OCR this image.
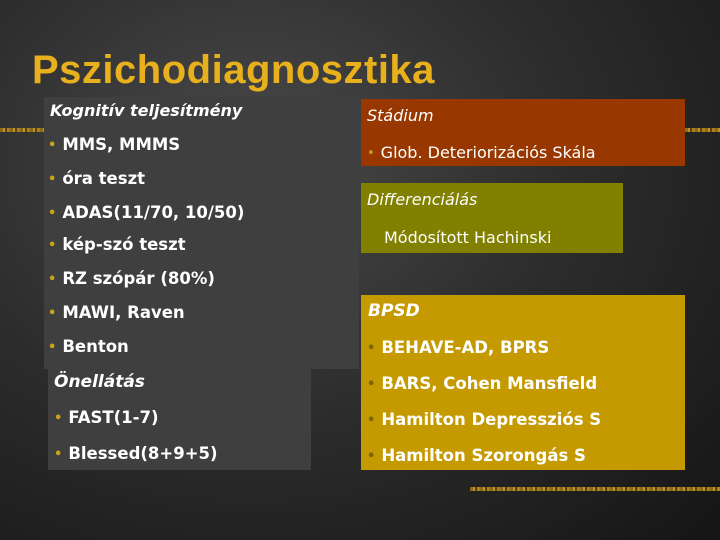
Pszichodiagnosztika
Kognitív teljesítmény
• MMS, MMMS
• óra teszt
• ADAS(11/70, 10/50)
• kép-szó teszt
• RZ szópár (80%)
• MAWI, Raven
• Benton
Önellátás
• FAST(1-7)
• Blessed(8+9+5)
Stádium
• Glob. Deteriorizációs Skála
Differenciálás
Módosított Hachinski
BPSD
• BEHAVE-AD, BPRS
• BARS, Cohen Mansfield
• Hamilton Depressziós S
• Hamilton Szorongás S
